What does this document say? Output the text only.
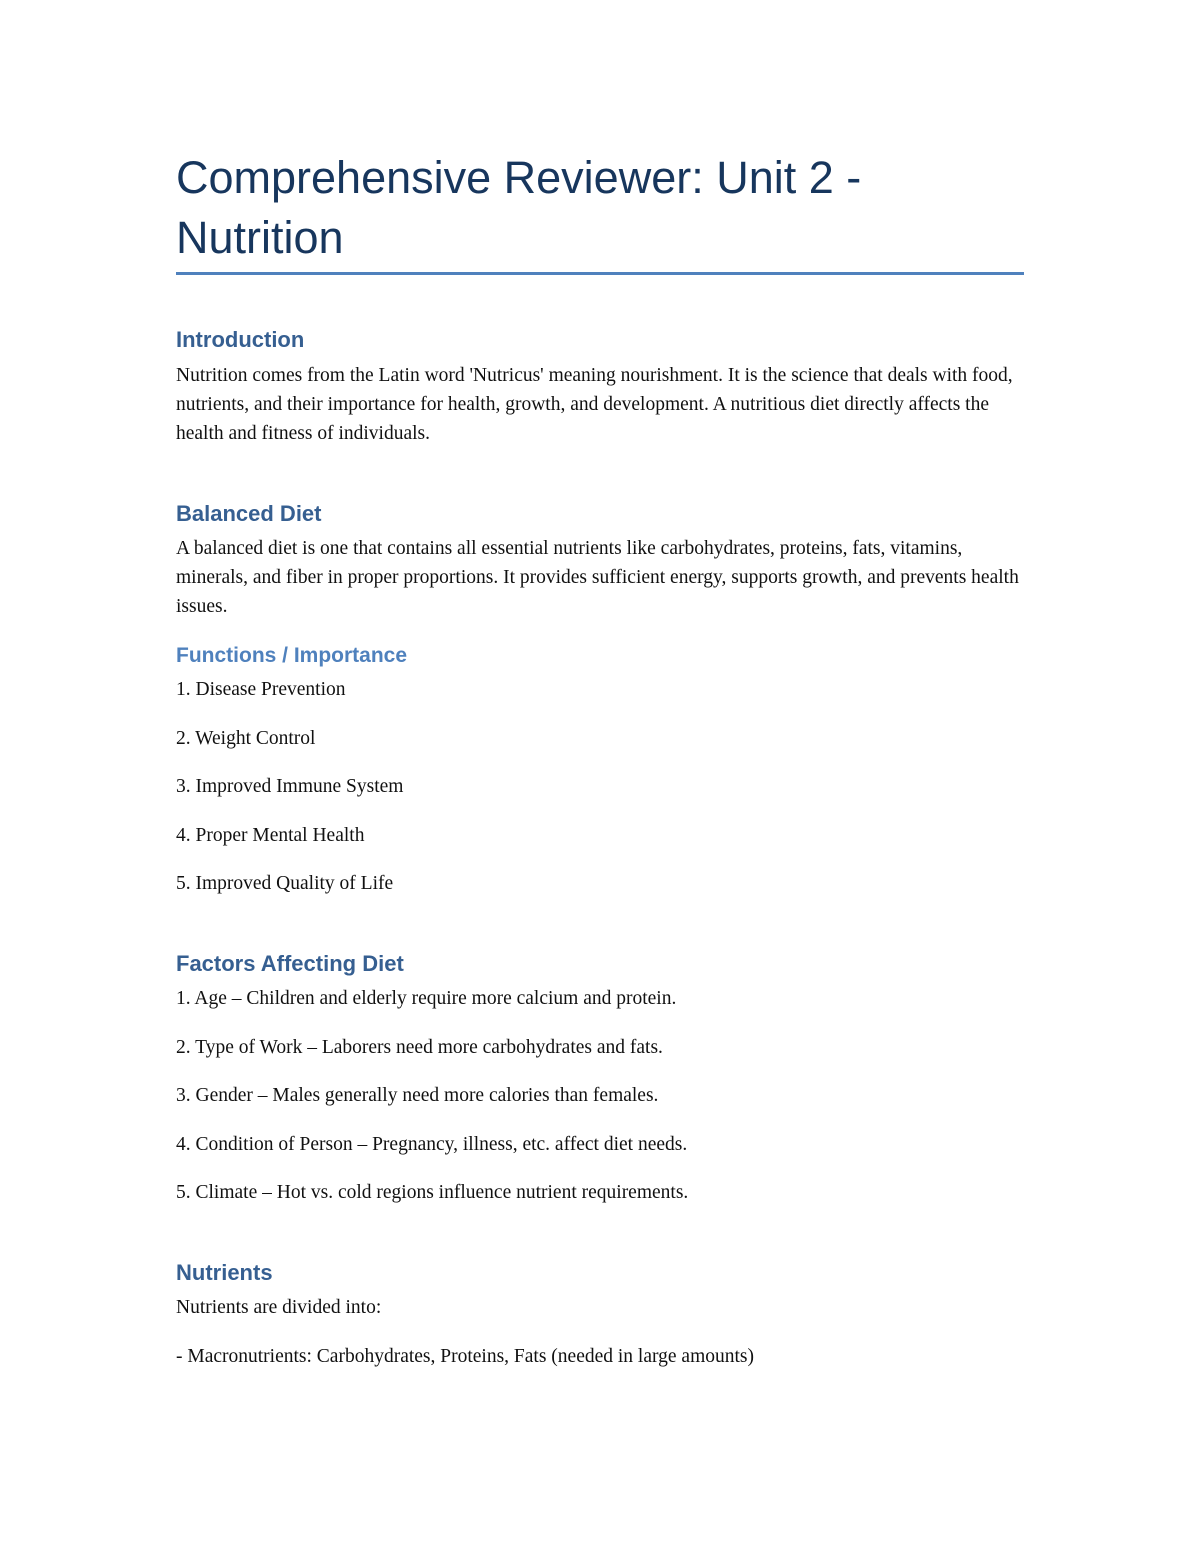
Comprehensive Reviewer: Unit 2 - Nutrition
Introduction

Nutrition comes from the Latin word 'Nutricus' meaning nourishment. It is the science that deals with food, nutrients, and their importance for health, growth, and development. A nutritious diet directly affects the health and fitness of individuals.

Balanced Diet

A balanced diet is one that contains all essential nutrients like carbohydrates, proteins, fats, vitamins, minerals, and fiber in proper proportions. It provides sufficient energy, supports growth, and prevents health issues.

Functions / Importance

1. Disease Prevention

2. Weight Control

3. Improved Immune System

4. Proper Mental Health

5. Improved Quality of Life

Factors Affecting Diet

1. Age – Children and elderly require more calcium and protein.

2. Type of Work – Laborers need more carbohydrates and fats.

3. Gender – Males generally need more calories than females.

4. Condition of Person – Pregnancy, illness, etc. affect diet needs.

5. Climate – Hot vs. cold regions influence nutrient requirements.

Nutrients

Nutrients are divided into:

- Macronutrients: Carbohydrates, Proteins, Fats (needed in large amounts)
